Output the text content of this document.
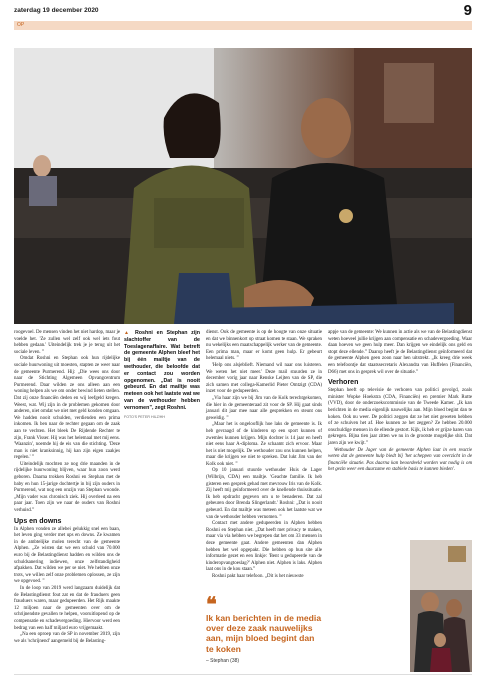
zaterdag 19 december 2020	9
OP

roogevoel. De mensen vinden het niet hardop, maar je voelde het. 'Ze zullen wel zelf ook wel iets fout hebben gedaan.' Uiteindelijk trek je je terug uit het sociale leven. ”

Omdat Roshni en Stephan ook hun rijdelijke sociale huurwoning uit moesten, stapten ze weer naar de gemeente Purmerend. Hij: „Die wees ons door naar de Stichting Algemeen Opvangcentrum Purmerend. Daar wilden ze ons alleen aan een woning helpen als we om onder bewind lieten stellen. Dat zij onze financiën deden en wij leefgeld kregen. Weest, wat. Wij zijn in de problemen gekomen door anderen, niet omdat we niet met geld konden omgaan. We hadden nooit schulden, verdienden een prima inkomen. Ik ben naar de rechter gegaan om de zaak aan te vechten. Het bleek De Rijdende Rechter te zijn, Frank Visser. Hij was het helemaal met mij eens. 'Waanzin', noemde hij de eis van die stichting. 'Deze man is niet kranksinnig, hij kan zijn eigen zaakjes regelen.' ”

Uiteindelijk mochten ze nog drie maanden in de rijdelijke huurwoning blijven, waar hun zoon werd geboren. Daarna trokken Roshni en Stephan met de baby en hun 15-jarige dochtertje in bij zijn ouders in Purmerend, wat nog een onzijn van Stephan woonde. „Mijn vader was chronisch ziek. Hij overleed na een paar jaar. Toen zijn we naar de ouders van Roshni verhuisd.”

Ups en downs

In Alphen vonden ze allebei gelukkig snel een baan, het leven ging verder met ups en downs. Ze kwamen in de ambtelijke molen terecht van de gemeente Alphen. „Ze wisten dat we een schuld van 70.000 euro bij de Belastingdienst hadden en wilden ons de schuldsanering indiewen, onze zelfstandigheid afpakken. Dat wilden we per se niet. We hebben onze trots, we willen zelf onze problemen oplossen, ze zijn we opgevoed. ”

In de loop van 2019 werd langzaam duidelijk dat de Belastingdienst fout zat en dat de frauduers geen frauduers waren, maar gedupeerden. Het Rijk maakte 12 miljoen naar de gemeenten over om de schrijnendste gevallen te helpen, vooruitlopend op de compensatie en schadevergoeding. Hiervoor werd een bedrag van een half miljard euro vrijgemaakt.

„Na een oproep van de SP in november 2019, zijn we als 'schrijnend' aangemeld bij de Belasting-

▲ Roshni en Stephan zijn slachtoffer van de Toeslagenaffaire. Wat betreft de gemeente Alphen bleef het bij één mailtje van de wethouder, die beloofde dat er contact zou worden opgenomen. „Dat is nooit gebeurd. En dat mailtje was meteen ook het laatste wat we van de wethouder hebben vernomen”, zegt Roshni.
FOTO'S PETER HILZ/HH

dienst. Ook de gemeente is op de hoogte van onze situatie en dat we binnenkort op straat komen te staan. We spraken nu wekelijks een maatschappelijk werker van de gemeente. Een prima man, maar er komt geen hulp. Er gebeurt helemaal niets. ”

'Help ons alsjeblieft. Niemand wil naar ons luisteren. We weten het niet meer.' Deze mail stuurden ze in december vorig jaar naar Renske Leijten van de SP, die zich samen met collega-Kamerlid Pieter Omtzigt (CDA) inzet voor de gedupeerden.

„Via haar zijn we bij Jim van de Kolk terechtgekomen, die hier in de gemeenteraad zit voor de SP. Hij gaat sinds januari dit jaar mee naar alle gesprekken en steunt ons geweldig. ”

„Maar het is ongelooflijk hoe laks de gemeente is. Ik heb gevraagd of de kinderen op een sport kunnen of zwemles kunnen krijgen. Mijn dochter is 14 jaar en heeft niet eens haar A-diploma. Ze schaamt zich ervoor. Maar het is niet mogelijk. De wethouder zou ons kunnen helpen, maar die krijgen we niet te spreken. Dat lukt Jim van der Kolk ook niet. ”

Op 10 januari stuurde wethouder Huis de Lager (Wilbrijn, CDA) een mailtje. 'Geachte familie. Ik heb gisteren een gesprek gehad met mevrouw Iris van de Kolk. Zij heeft mij geïnformeerd over de knellende thuissituatie. Ik heb opdracht gegeven om u te benaderen. Dat zal gebeuren door Brenda Slingerlandt.' Roshni: „Dat is nooit gebeurd. En dat mailtje was meteen ook het laatste wat we van de wethouder hebben vernomen. ”

Contact met andere gedupeerden in Alphen hebben Roshni en Stephan niet. „Dat heeft met privacy te maken, maar via via hebben we begrepen dat het om 33 mensen in deze gemeente gaat. Andere gemeenten dan Alphen hebben het wel opgepakt. Die hebben op hun site alle informatie gezet en een linkje: 'Bent u gedupeerde van de kinderopvangtoeslag?' Alphen niet. Alphen is laks. Alphen laat ons in de kou staan.”

Roshni pakt haar telefoon. „Dit is het nieuwste

appje van de gemeente: We kunnen in actie als we van de Belastingdienst weten hoeveel jullie krijgen aan compensatie en schadevergoeding. Waar daan hoeven we geen hulp meer. Dan krijgen we eindelijk ons geld en stopt deze ellende.” Daarop heeft je de Belastingdienst geïnformeerd dat de gemeente Alphen geen zoon naar hen uitstrekt. „Ik kreeg drie week een telefoontje dat staatssecretaris Alexandra van Huffelen (Financiën, D66) met ons in gesprek wil over de situatie.”

Verhoren

Stephan heeft op televisie de verhoren van politici gevolgd, zoals minister Wopke Hoekstra (CDA, Financiën) en premier Mark Rutte (VVD), door de onderzoekscommissie van de Tweede Kamer. „Ik kan berichten in de media eigenlijk nauwelijks aan. Mijn bloed begint dan te koken. Ook nu weer. De politici zeggen dat ze het niet geweten hebben of ze schuiven het af. Hoe kunnen ze het zeggen? Ze hebben 20.000 onschuldige mensen in de ellende gestort. Kijk, ik heb er grijze haren van gekregen. Bijna tien jaar zitten we nu in de grootste mogelijke shit. Dat jaren zijn we kwijt.”

Wethouder De Jager van de gemeente Alphen laat in een reactie weten dat de gemeente hulp biedt bij 'het scheppen van overzicht in de financiële situatie. Pas daarna kan beoordeeld worden wat nodig is om het gezin weer een duurzame en stabiele basis te kunnen bieden'.

❝
Ik kan berichten in de media over deze zaak nauwelijks aan, mijn bloed begint dan te koken
– Stephan (38)
